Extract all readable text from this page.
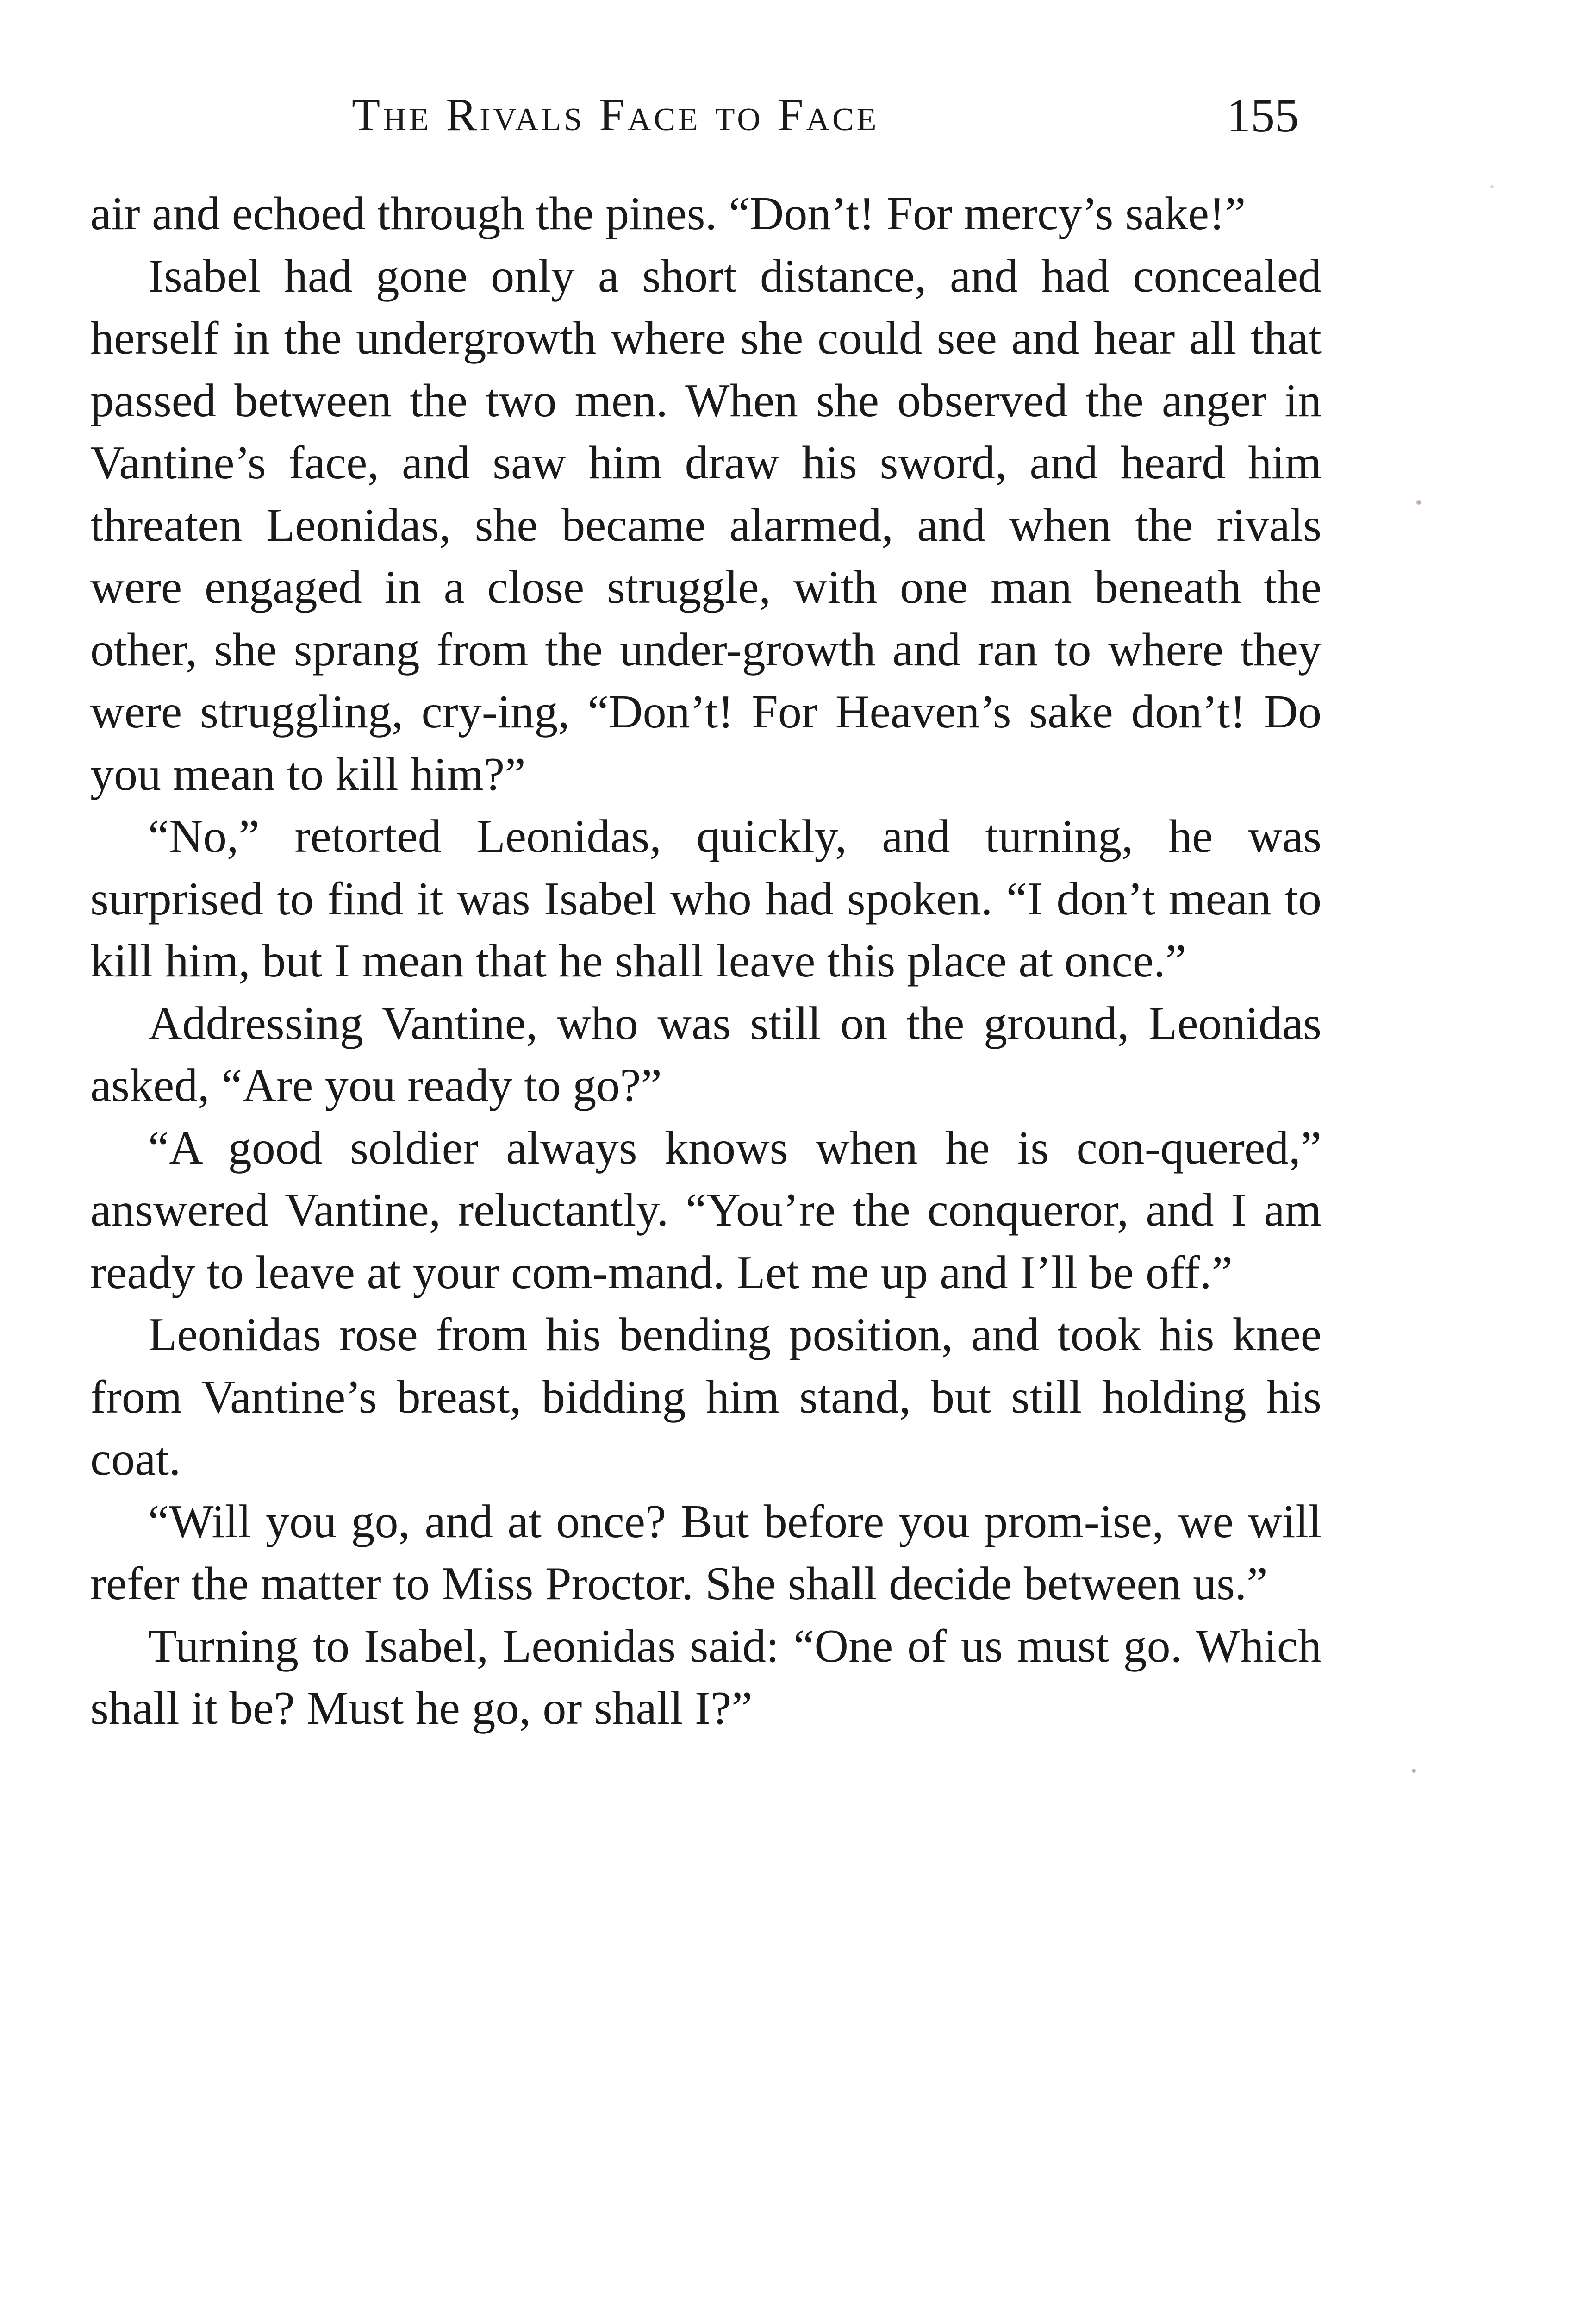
The Rivals Face to Face	155

air and echoed through the pines. “Don’t! For mercy’s sake!”

Isabel had gone only a short distance, and had concealed herself in the undergrowth where she could see and hear all that passed between the two men. When she observed the anger in Vantine’s face, and saw him draw his sword, and heard him threaten Leonidas, she became alarmed, and when the rivals were engaged in a close struggle, with one man beneath the other, she sprang from the under-growth and ran to where they were struggling, cry-ing, “Don’t! For Heaven’s sake don’t! Do you mean to kill him?”

“No,” retorted Leonidas, quickly, and turning, he was surprised to find it was Isabel who had spoken. “I don’t mean to kill him, but I mean that he shall leave this place at once.”

Addressing Vantine, who was still on the ground, Leonidas asked, “Are you ready to go?”

“A good soldier always knows when he is con-quered,” answered Vantine, reluctantly. “You’re the conqueror, and I am ready to leave at your com-mand. Let me up and I’ll be off.”

Leonidas rose from his bending position, and took his knee from Vantine’s breast, bidding him stand, but still holding his coat.

“Will you go, and at once? But before you prom-ise, we will refer the matter to Miss Proctor. She shall decide between us.”

Turning to Isabel, Leonidas said: “One of us must go. Which shall it be? Must he go, or shall I?”
